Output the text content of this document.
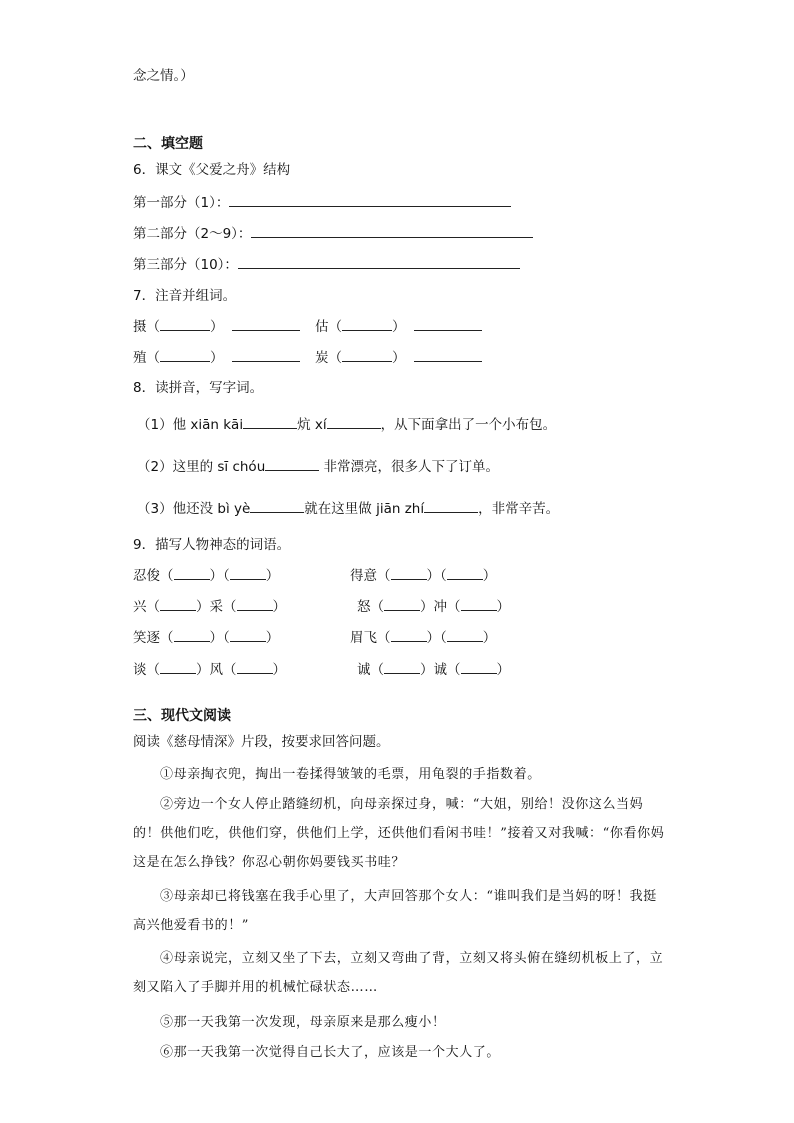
念之情。）
二、填空题
6．课文《父爱之舟》结构
第一部分（1）：
第二部分（2～9）：
第三部分（10）：
7．注音并组词。
摄（	）	估（	）
殖（	）	炭（	）
8．读拼音，写字词。
（1）他 xiān kāi	炕 xí	，从下面拿出了一个小布包。
（2）这里的 sī chóu	非常漂亮，很多人下了订单。
（3）他还没 bì yè	就在这里做 jiān zhí	，非常辛苦。
9．描写人物神态的词语。
忍俊（	）（	）	得意（	）（	）
兴（	）采（	）	怒（	）冲（	）
笑逐（	）（	）	眉飞（	）（	）
谈（	）风（	）	诚（	）诚（	）
三、现代文阅读
阅读《慈母情深》片段，按要求回答问题。
①母亲掏衣兜，掏出一卷揉得皱皱的毛票，用龟裂的手指数着。
②旁边一个女人停止踏缝纫机，向母亲探过身，喊：“大姐，别给！没你这么当妈的！供他们吃，供他们穿，供他们上学，还供他们看闲书哇！”接着又对我喊：“你看你妈这是在怎么挣钱？你忍心朝你妈要钱买书哇？
③母亲却已将钱塞在我手心里了，大声回答那个女人：“谁叫我们是当妈的呀！我挺高兴他爱看书的！”
④母亲说完，立刻又坐了下去，立刻又弯曲了背，立刻又将头俯在缝纫机板上了，立刻又陷入了手脚并用的机械忙碌状态……
⑤那一天我第一次发现，母亲原来是那么瘦小！
⑥那一天我第一次觉得自己长大了，应该是一个大人了。
